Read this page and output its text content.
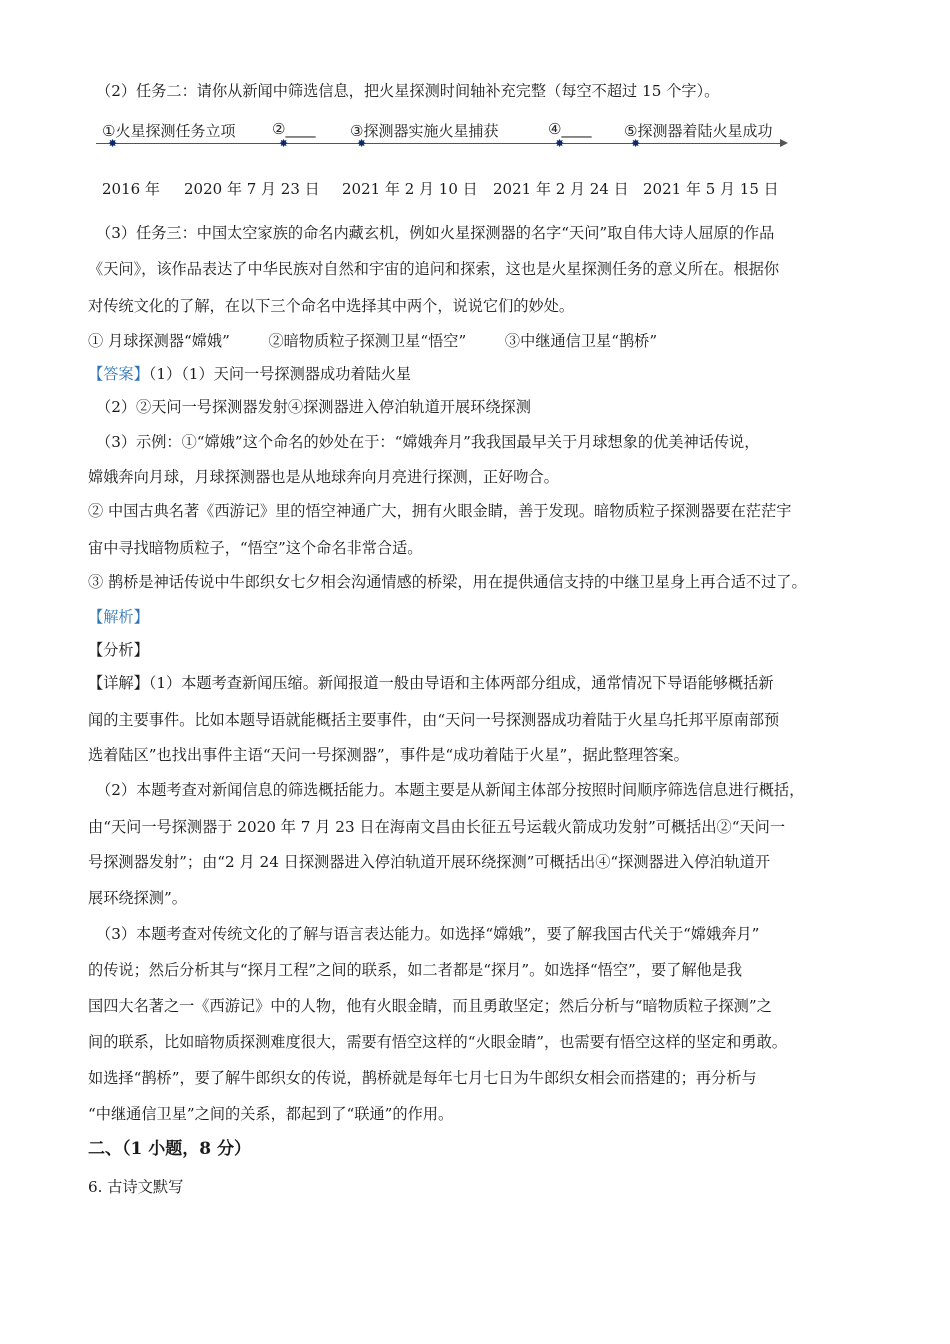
（2）任务二：请你从新闻中筛选信息，把火星探测时间轴补充完整（每空不超过 15 个字）。
①火星探测任务立项 ②____ ③探测器实施火星捕获	④____ ⑤探测器着陆火星成功
✸	✸	✸	✸	✸
2016 年 2020 年 7 月 23 日 2021 年 2 月 10 日 2021 年 2 月 24 日 2021 年 5 月 15 日
（3）任务三：中国太空家族的命名内藏玄机，例如火星探测器的名字“天问”取自伟大诗人屈原的作品
《天问》，该作品表达了中华民族对自然和宇宙的追问和探索，这也是火星探测任务的意义所在。根据你
对传统文化的了解，在以下三个命名中选择其中两个，说说它们的妙处。
① 月球探测器“嫦娥”        ②暗物质粒子探测卫星“悟空”        ③中继通信卫星“鹊桥”
【答案】（1）（1）天问一号探测器成功着陆火星
（2）②天问一号探测器发射④探测器进入停泊轨道开展环绕探测
（3）示例：①“嫦娥”这个命名的妙处在于：“嫦娥奔月”我我国最早关于月球想象的优美神话传说，
嫦娥奔向月球，月球探测器也是从地球奔向月亮进行探测，正好吻合。
② 中国古典名著《西游记》里的悟空神通广大，拥有火眼金睛，善于发现。暗物质粒子探测器要在茫茫宇
宙中寻找暗物质粒子，“悟空”这个命名非常合适。
③ 鹊桥是神话传说中牛郎织女七夕相会沟通情感的桥梁，用在提供通信支持的中继卫星身上再合适不过了。
【解析】
【分析】
【详解】（1）本题考查新闻压缩。新闻报道一般由导语和主体两部分组成，通常情况下导语能够概括新
闻的主要事件。比如本题导语就能概括主要事件，由“天问一号探测器成功着陆于火星乌托邦平原南部预
选着陆区”也找出事件主语“天问一号探测器”，事件是“成功着陆于火星”，据此整理答案。
（2）本题考查对新闻信息的筛选概括能力。本题主要是从新闻主体部分按照时间顺序筛选信息进行概括，
由“天问一号探测器于 2020 年 7 月 23 日在海南文昌由长征五号运载火箭成功发射”可概括出②“天问一
号探测器发射”；由“2 月 24 日探测器进入停泊轨道开展环绕探测”可概括出④“探测器进入停泊轨道开
展环绕探测”。
（3）本题考查对传统文化的了解与语言表达能力。如选择“嫦娥”，要了解我国古代关于“嫦娥奔月”
的传说；然后分析其与“探月工程”之间的联系，如二者都是“探月”。如选择“悟空”，要了解他是我
国四大名著之一《西游记》中的人物，他有火眼金睛，而且勇敢坚定；然后分析与“暗物质粒子探测”之
间的联系，比如暗物质探测难度很大，需要有悟空这样的“火眼金睛”，也需要有悟空这样的坚定和勇敢。
如选择“鹊桥”，要了解牛郎织女的传说，鹊桥就是每年七月七日为牛郎织女相会而搭建的；再分析与
“中继通信卫星”之间的关系，都起到了“联通”的作用。
二、（1 小题，8 分）
6. 古诗文默写
